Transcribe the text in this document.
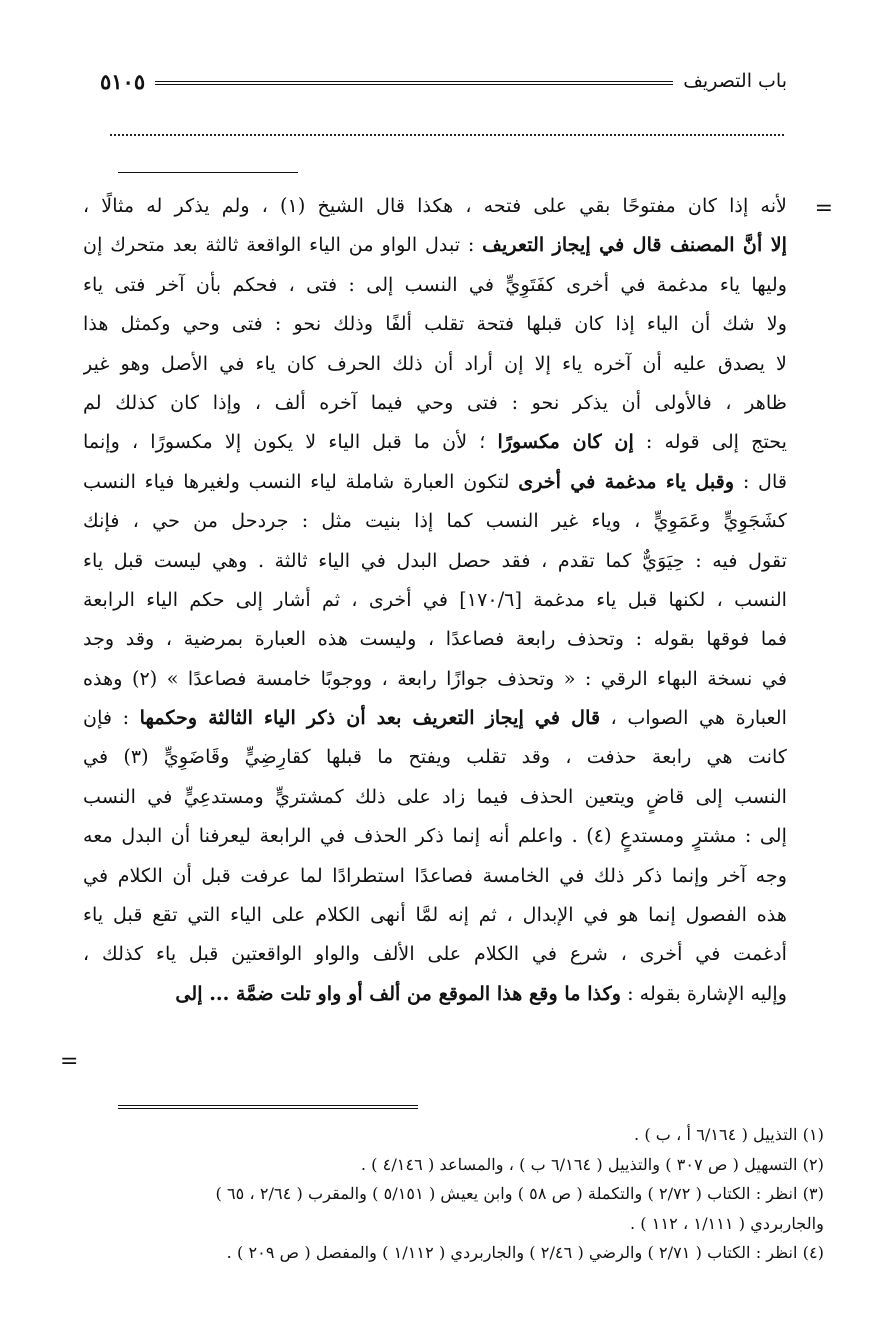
باب التصريف
٥١٠٥
=
لأنه إذا كان مفتوحًا بقي على فتحه ، هكذا قال الشيخ (١) ، ولم يذكر له مثالًا ،
إلا أنَّ المصنف قال في إيجاز التعريف : تبدل الواو من الياء الواقعة ثالثة بعد متحرك إن
وليها ياء مدغمة في أخرى كفَتَوِيٍّ في النسب إلى : فتى ، فحكم بأن آخر فتى ياء
ولا شك أن الياء إذا كان قبلها فتحة تقلب ألفًا وذلك نحو : فتى وحي وكمثل هذا
لا يصدق عليه أن آخره ياء إلا إن أراد أن ذلك الحرف كان ياء في الأصل وهو غير
ظاهر ، فالأولى أن يذكر نحو : فتى وحي فيما آخره ألف ، وإذا كان كذلك لم
يحتج إلى قوله : إن كان مكسورًا ؛ لأن ما قبل الياء لا يكون إلا مكسورًا ، وإنما
قال : وقبل ياء مدغمة في أخرى لتكون العبارة شاملة لياء النسب ولغيرها فياء النسب
كشَجَوِيٍّ وعَمَوِيٍّ ، وياء غير النسب كما إذا بنيت مثل : جردحل من حي ، فإنك
تقول فيه : حِيَوَيٌّ كما تقدم ، فقد حصل البدل في الياء ثالثة . وهي ليست قبل ياء
النسب ، لكنها قبل ياء مدغمة [١٧٠/٦] في أخرى ، ثم أشار إلى حكم الياء الرابعة
فما فوقها بقوله : وتحذف رابعة فصاعدًا ، وليست هذه العبارة بمرضية ، وقد وجد
في نسخة البهاء الرقي : « وتحذف جوازًا رابعة ، ووجوبًا خامسة فصاعدًا » (٢) وهذه
العبارة هي الصواب ، قال في إيجاز التعريف بعد أن ذكر الياء الثالثة وحكمها : فإن
كانت هي رابعة حذفت ، وقد تقلب ويفتح ما قبلها كقارِضِيٍّ وقَاضَوِيٍّ (٣) في
النسب إلى قاضٍ ويتعين الحذف فيما زاد على ذلك كمشتريٍّ ومستدعِيٍّ في النسب
إلى : مشترٍ ومستدعٍ (٤) . واعلم أنه إنما ذكر الحذف في الرابعة ليعرفنا أن البدل معه
وجه آخر وإنما ذكر ذلك في الخامسة فصاعدًا استطرادًا لما عرفت قبل أن الكلام في
هذه الفصول إنما هو في الإبدال ، ثم إنه لمَّا أنهى الكلام على الياء التي تقع قبل ياء
أدغمت في أخرى ، شرع في الكلام على الألف والواو الواقعتين قبل ياء كذلك ،
وإليه الإشارة بقوله : وكذا ما وقع هذا الموقع من ألف أو واو تلت ضمَّة ... إلى
=
(١) التذييل ( ٦/١٦٤ أ ، ب ) .
(٢) التسهيل ( ص ٣٠٧ ) والتذييل ( ٦/١٦٤ ب ) ، والمساعد ( ٤/١٤٦ ) .
(٣) انظر : الكتاب ( ٢/٧٢ ) والتكملة ( ص ٥٨ ) وابن يعيش ( ٥/١٥١ ) والمقرب ( ٢/٦٤ ، ٦٥ )
والجاربردي ( ١/١١١ ، ١١٢ ) .
(٤) انظر : الكتاب ( ٢/٧١ ) والرضي ( ٢/٤٦ ) والجاربردي ( ١/١١٢ ) والمفصل ( ص ٢٠٩ ) .
